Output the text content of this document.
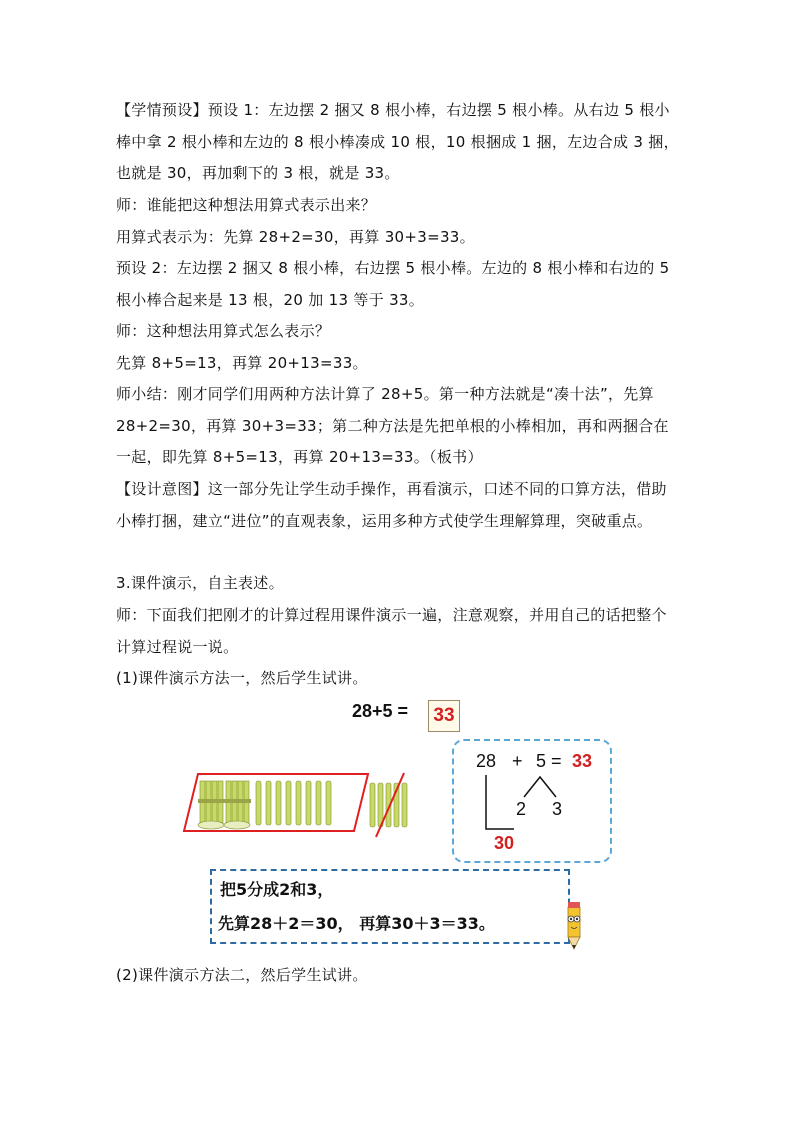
【学情预设】预设 1：左边摆 2 捆又 8 根小棒，右边摆 5 根小棒。从右边 5 根小棒中拿 2 根小棒和左边的 8 根小棒凑成 10 根，10 根捆成 1 捆，左边合成 3 捆，也就是 30，再加剩下的 3 根，就是 33。

师：谁能把这种想法用算式表示出来？

用算式表示为：先算 28+2=30，再算 30+3=33。

预设 2：左边摆 2 捆又 8 根小棒，右边摆 5 根小棒。左边的 8 根小棒和右边的 5 根小棒合起来是 13 根，20 加 13 等于 33。

师：这种想法用算式怎么表示？

先算 8+5=13，再算 20+13=33。

师小结：刚才同学们用两种方法计算了 28+5。第一种方法就是“凑十法”，先算 28+2=30，再算 30+3=33；第二种方法是先把单根的小棒相加，再和两捆合在一起，即先算 8+5=13，再算 20+13=33。（板书）

【设计意图】这一部分先让学生动手操作，再看演示，口述不同的口算方法，借助小棒打捆，建立“进位”的直观表象，运用多种方式使学生理解算理，突破重点。

3.课件演示，自主表述。

师：下面我们把刚才的计算过程用课件演示一遍，注意观察，并用自己的话把整个计算过程说一说。

(1)课件演示方法一，然后学生试讲。

28+5 = 33
28 + 5 = 33
2 3
30
把5分成2和3，
先算28＋2＝30， 再算30＋3＝33。

(2)课件演示方法二，然后学生试讲。
